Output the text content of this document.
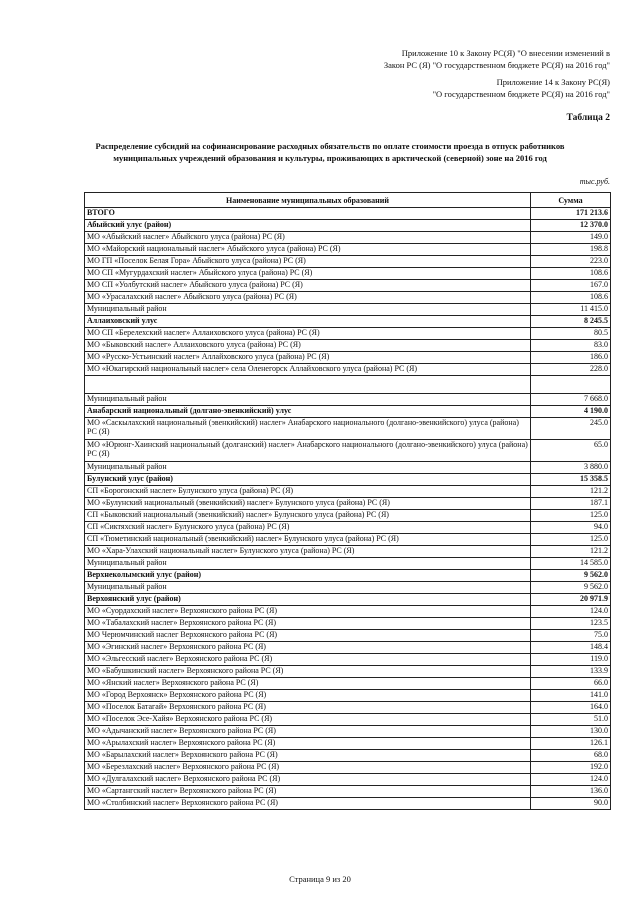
Приложение 10 к Закону РС(Я) "О внесении изменений в
Закон РС (Я) "О государственном бюджете РС(Я) на 2016 год"
Приложение 14 к Закону РС(Я)
"О государственном бюджете РС(Я) на 2016 год"
Таблица 2
Распределение субсидий на софинансирование расходных обязательств по оплате стоимости проезда в отпуск работников
муниципальных учреждений образования и культуры, проживающих в арктической (северной) зоне на 2016 год
тыс.руб.
Наименование муниципальных образований	Сумма
ВТОГО	171 213.6
Абыйский улус (район)	12 370.0
МО «Абыйский наслег» Абыйского улуса (района) РС (Я)	149.0
МО «Майорский национальный наслег» Абыйского улуса (района) РС (Я)	198.8
МО ГП «Поселок Белая Гора» Абыйского улуса (района) РС (Я)	223.0
МО СП «Мугурдахский наслег» Абыйского улуса (района) РС (Я)	108.6
МО СП «Уолбутский наслег» Абыйского улуса (района) РС (Я)	167.0
МО «Урасалахский наслег» Абыйского улуса (района) РС (Я)	108.6
Муниципальный район	11 415.0
Аллаиховский улус	8 245.5
МО СП «Берелехский наслег» Аллаиховского улуса (района) РС (Я)	80.5
МО «Быковский наслег» Аллаиховского улуса (района) РС (Я)	83.0
МО «Русско-Устьинский наслег» Аллайховского улуса (района) РС (Я)	186.0
МО «Юкагирский национальный наслег» села Оленегорск Аллайховского улуса (района) РС (Я)	228.0

Муниципальный район	7 668.0
Анабарский национальный (долгано-эвенкийский) улус	4 190.0
МО «Саскылахский национальный (эвенкийский) наслег» Анабарского национального (долгано-эвенкийского) улуса (района) РС (Я)	245.0
МО «Юрюнг-Хаинский национальный (долганский) наслег» Анабарского национального (долгано-эвенкийского) улуса (района) РС (Я)	65.0
Муниципальный район	3 880.0
Булунский улус (район)	15 358.5
СП «Борогонский наслег» Булунского улуса (района) РС (Я)	121.2
МО «Булунский национальный (эвенкийский) наслег» Булунского улуса (района) РС (Я)	187.1
СП «Быковский национальный (эвенкийский) наслег» Булунского улуса (района) РС (Я)	125.0
СП «Сиктяхский наслег» Булунского улуса (района) РС (Я)	94.0
СП «Тюметинский национальный (эвенкийский) наслег» Булунского улуса (района) РС (Я)	125.0
МО «Хара-Улахский национальный наслег» Булунского улуса (района) РС (Я)	121.2
Муниципальный район	14 585.0
Верхнеколымский улус (район)	9 562.0
Муниципальный район	9 562.0
Верхоянский улус (район)	20 971.9
МО «Суордахский наслег» Верхоянского района РС (Я)	124.0
МО «Табалахский наслег» Верхоянского района РС (Я)	123.5
МО Черюмчинский наслег Верхоянского района РС (Я)	75.0
МО «Эгинский наслег» Верхоянского района РС (Я)	148.4
МО «Эльгесский наслег» Верхоянского района РС (Я)	119.0
МО «Бабушкинский наслег» Верхоянского района РС (Я)	133.9
МО «Янский наслег» Верхоянского района РС (Я)	66.0
МО «Город Верхоянск» Верхоянского района РС (Я)	141.0
МО «Поселок Батагай» Верхоянского района РС (Я)	164.0
МО «Поселок Эсе-Хайя» Верхоянского района РС (Я)	51.0
МО «Адычанский наслег» Верхоянского района РС (Я)	130.0
МО «Арылахский наслег» Верхоянского района РС (Я)	126.1
МО «Барылахский наслег» Верхоянского района РС (Я)	68.0
МО «Березлахский наслег» Верхоянского района РС (Я)	192.0
МО «Дулгалахский наслег» Верхоянского района РС (Я)	124.0
МО «Сартангский наслег» Верхоянского района РС (Я)	136.0
МО «Столбинский наслег» Верхоянского района РС (Я)	90.0
Страница 9 из 20
